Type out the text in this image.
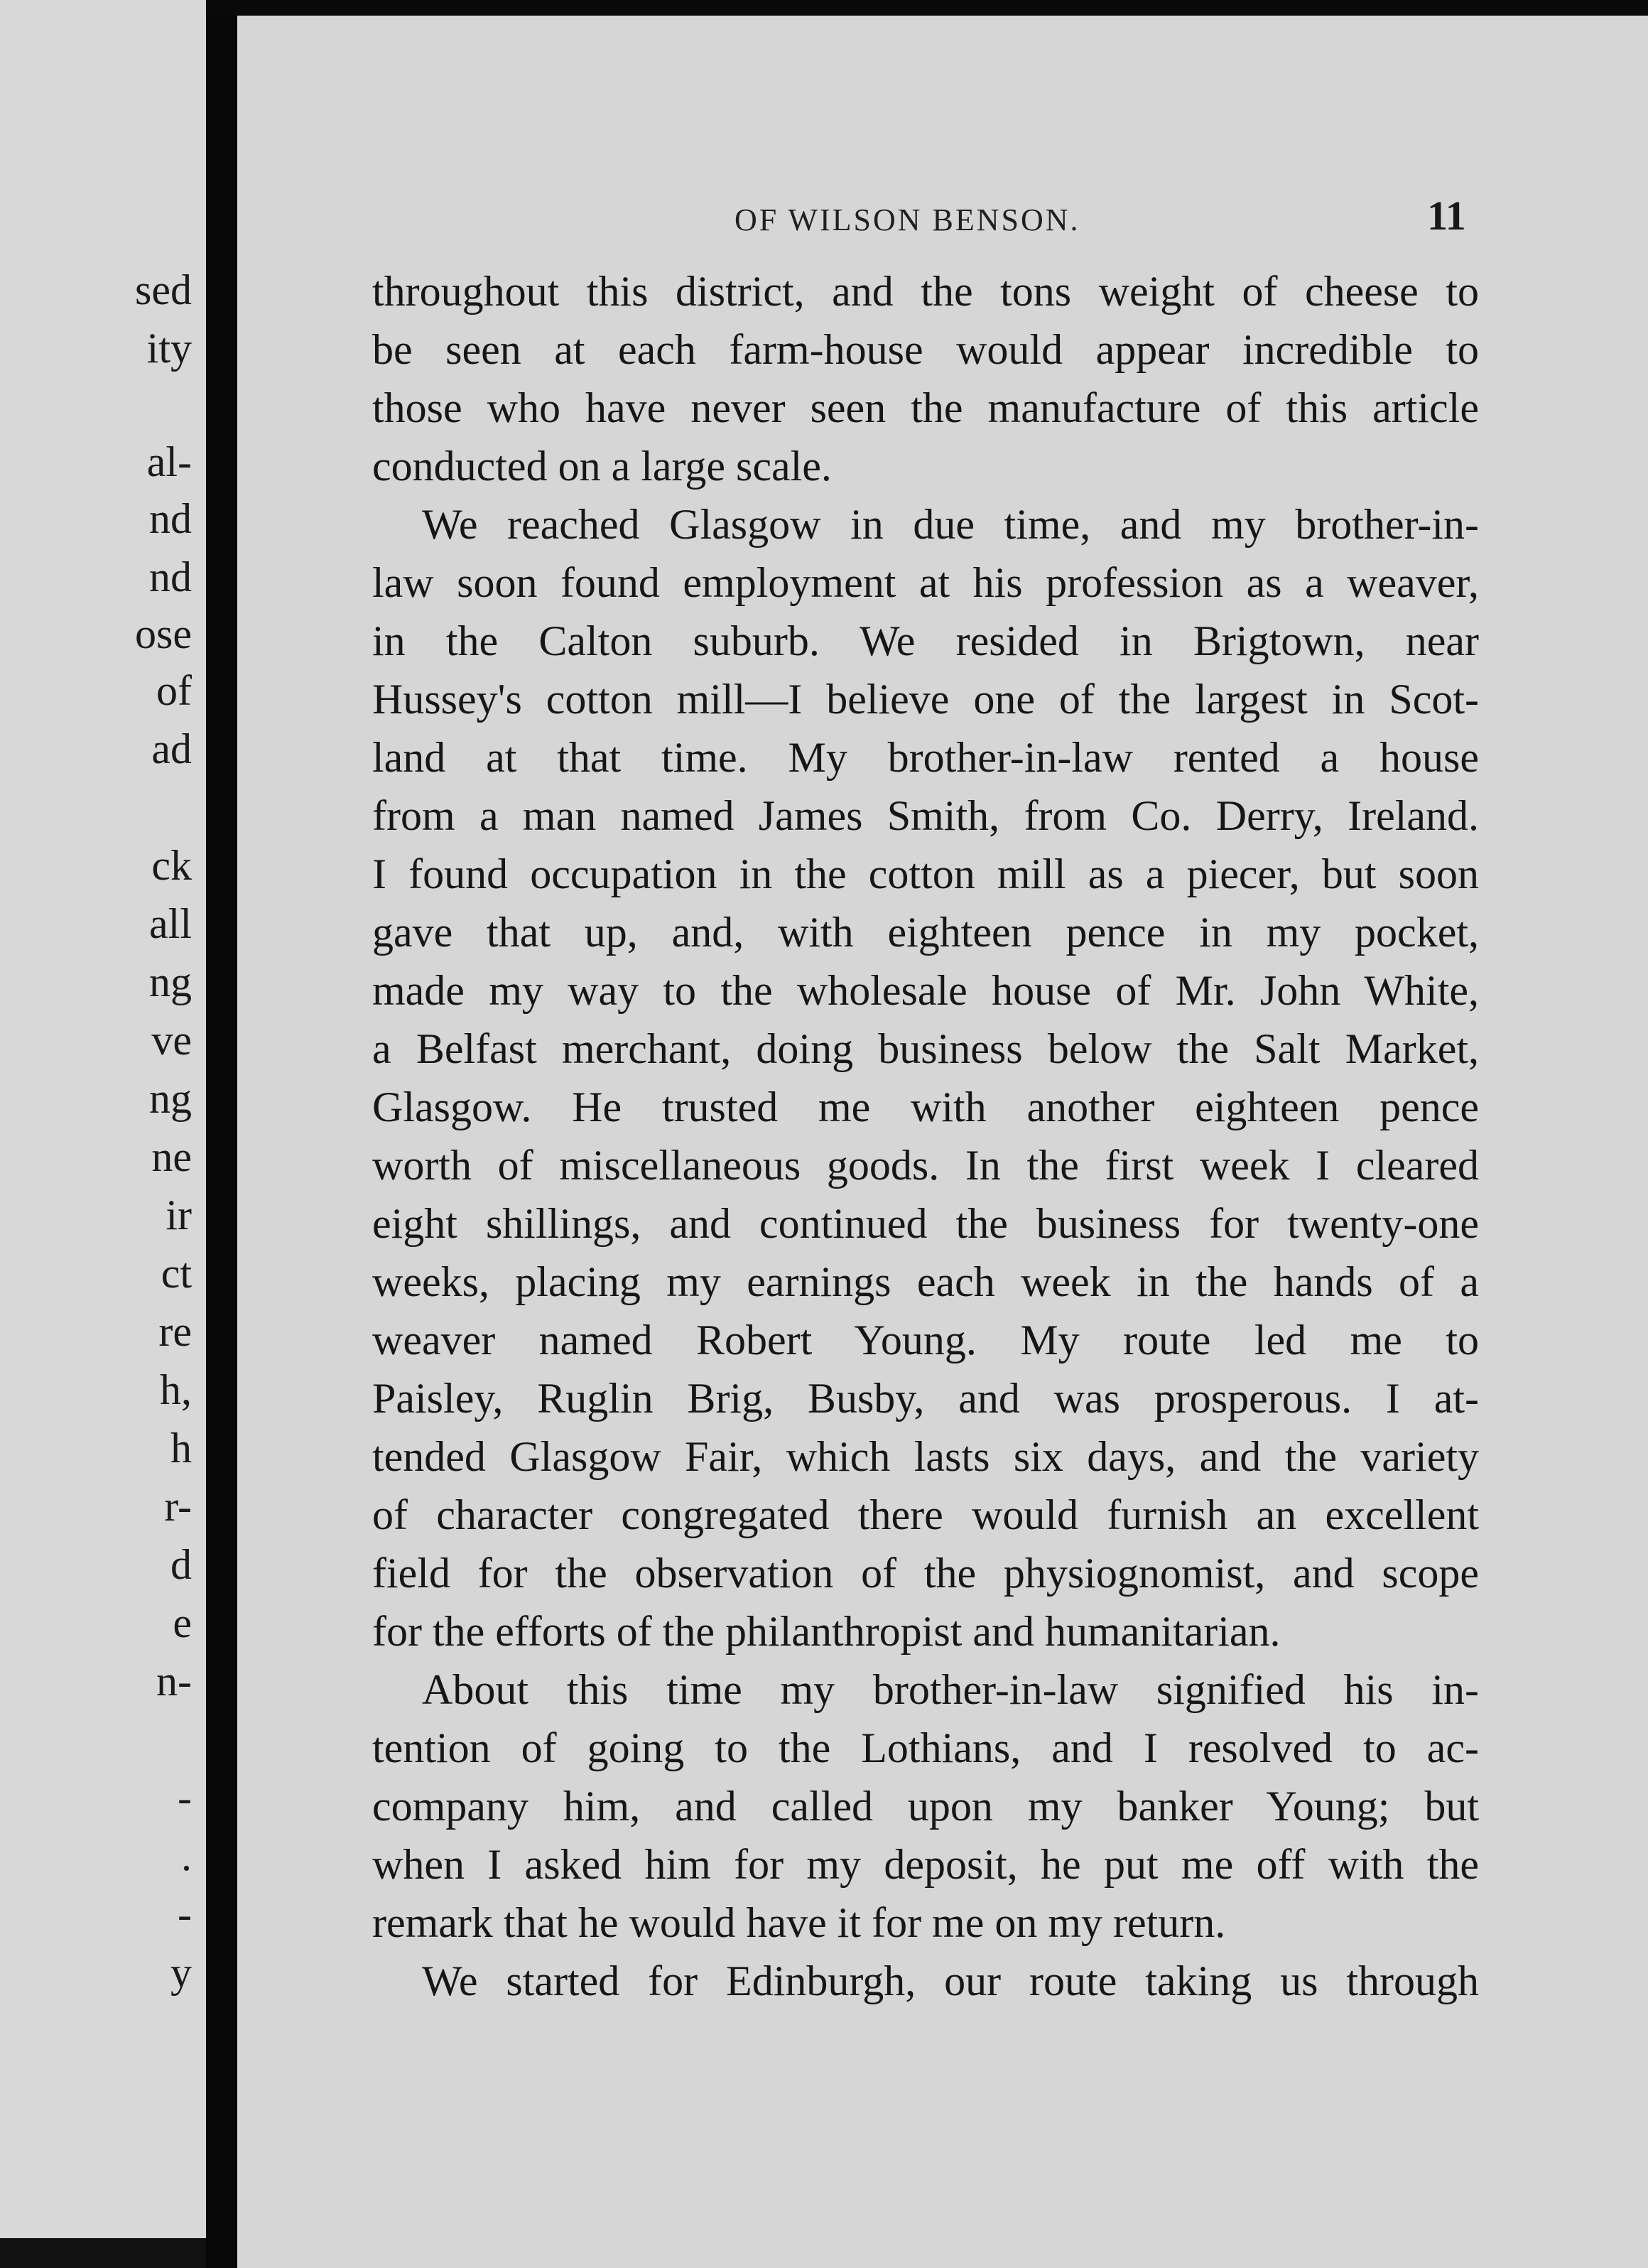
sed
ity
al-
nd
nd
ose
of
ad
ck
all
ng
ve
ng
ne
ir
ct
re
h,
h
r-
d
e
n-
-
.
-
y
OF WILSON BENSON.	11

throughout this district, and the tons weight of cheese to

be seen at each farm-house would appear incredible to

those who have never seen the manufacture of this article

conducted on a large scale.

We reached Glasgow in due time, and my brother-in-

law soon found employment at his profession as a weaver,

in the Calton suburb. We resided in Brigtown, near

Hussey's cotton mill—I believe one of the largest in Scot-

land at that time. My brother-in-law rented a house

from a man named James Smith, from Co. Derry, Ireland.

I found occupation in the cotton mill as a piecer, but soon

gave that up, and, with eighteen pence in my pocket,

made my way to the wholesale house of Mr. John White,

a Belfast merchant, doing business below the Salt Market,

Glasgow. He trusted me with another eighteen pence

worth of miscellaneous goods. In the first week I cleared

eight shillings, and continued the business for twenty-one

weeks, placing my earnings each week in the hands of a

weaver named Robert Young. My route led me to

Paisley, Ruglin Brig, Busby, and was prosperous. I at-

tended Glasgow Fair, which lasts six days, and the variety

of character congregated there would furnish an excellent

field for the observation of the physiognomist, and scope

for the efforts of the philanthropist and humanitarian.

About this time my brother-in-law signified his in-

tention of going to the Lothians, and I resolved to ac-

company him, and called upon my banker Young; but

when I asked him for my deposit, he put me off with the

remark that he would have it for me on my return.

We started for Edinburgh, our route taking us through
